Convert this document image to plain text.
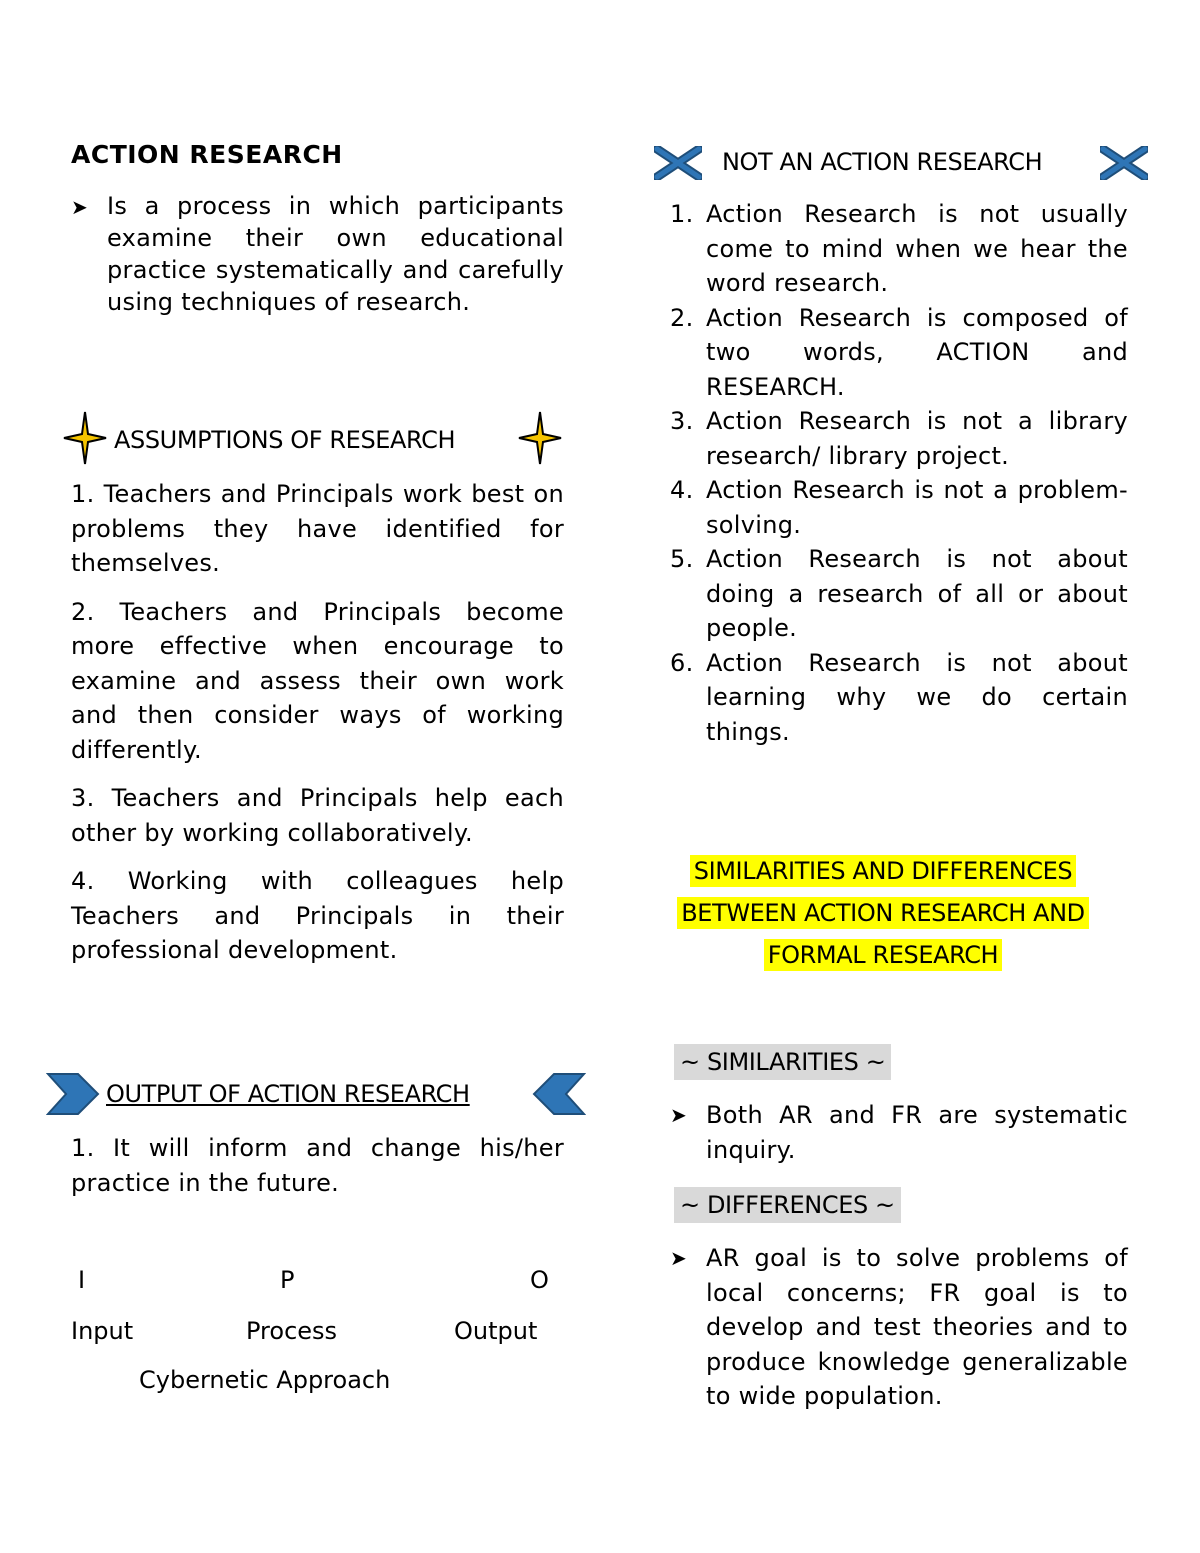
ACTION RESEARCH
➤ Is a process in which participants examine their own educational practice systematically and carefully using techniques of research.
ASSUMPTIONS OF RESEARCH

1. Teachers and Principals work best on problems they have identified for themselves.

2. Teachers and Principals become more effective when encourage to examine and assess their own work and then consider ways of working differently.

3. Teachers and Principals help each other by working collaboratively.

4. Working with colleagues help Teachers and Principals in their professional development.

OUTPUT OF ACTION RESEARCH

1. It will inform and change his/her practice in the future.

I	P	O
Input	Process	Output
Cybernetic Approach
NOT AN ACTION RESEARCH
1. Action Research is not usually come to mind when we hear the word research.
2. Action Research is composed of two words, ACTION and RESEARCH.
3. Action Research is not a library research/ library project.
4. Action Research is not a problem-solving.
5. Action Research is not about doing a research of all or about people.
6. Action Research is not about learning why we do certain things.
SIMILARITIES AND DIFFERENCES
BETWEEN ACTION RESEARCH AND
FORMAL RESEARCH
~ SIMILARITIES ~
➤ Both AR and FR are systematic inquiry.
~ DIFFERENCES ~
➤ AR goal is to solve problems of local concerns; FR goal is to develop and test theories and to produce knowledge generalizable to wide population.
